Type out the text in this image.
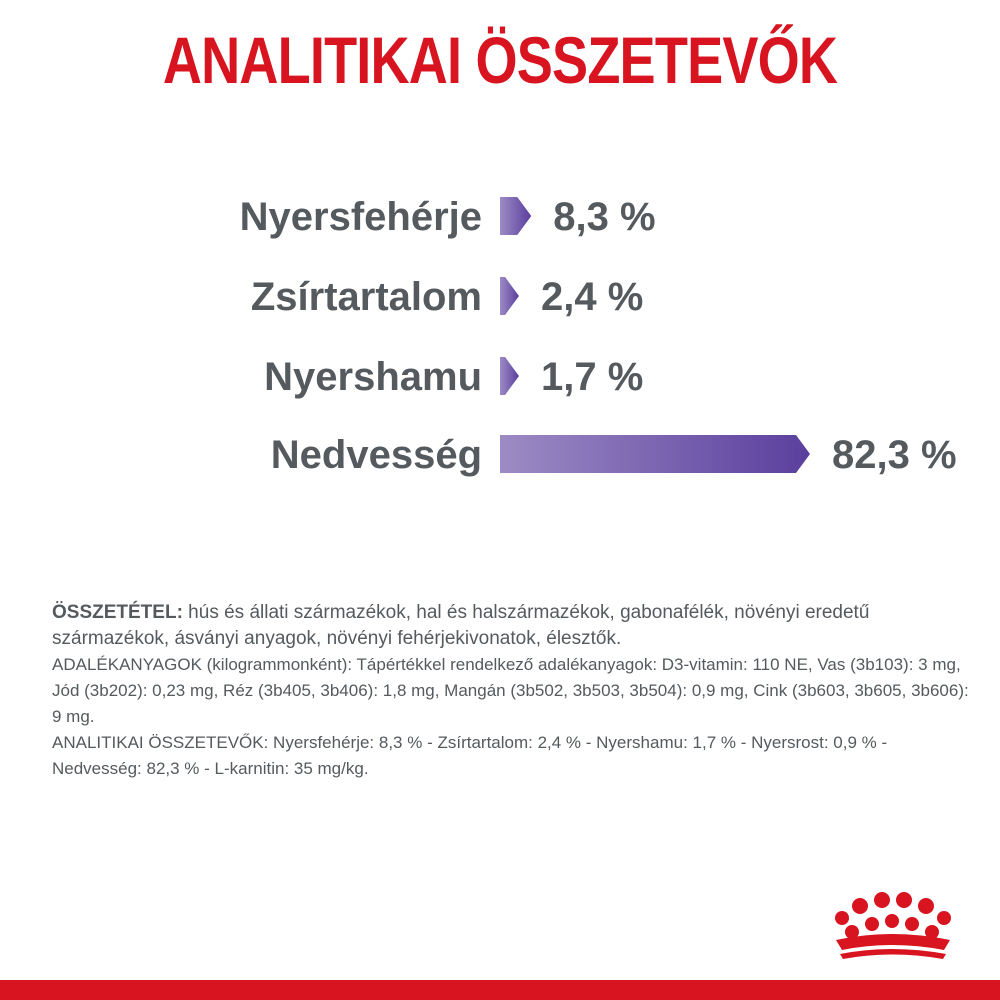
ANALITIKAI ÖSSZETEVŐK
Nyersfehérje 8,3 %
Zsírtartalom 2,4 %
Nyershamu 1,7 %
Nedvesség	82,3 %

ÖSSZETÉTEL: hús és állati származékok, hal és halszármazékok, gabonafélék, növényi eredetű származékok, ásványi anyagok, növényi fehérjekivonatok, élesztők.

ADALÉKANYAGOK (kilogrammonként): Tápértékkel rendelkező adalékanyagok: D3-vitamin: 110 NE, Vas (3b103): 3 mg, Jód (3b202): 0,23 mg, Réz (3b405, 3b406): 1,8 mg, Mangán (3b502, 3b503, 3b504): 0,9 mg, Cink (3b603, 3b605, 3b606): 9 mg.

ANALITIKAI ÖSSZETEVŐK: Nyersfehérje: 8,3 % - Zsírtartalom: 2,4 % - Nyershamu: 1,7 % - Nyersrost: 0,9 % - Nedvesség: 82,3 % - L-karnitin: 35 mg/kg.
